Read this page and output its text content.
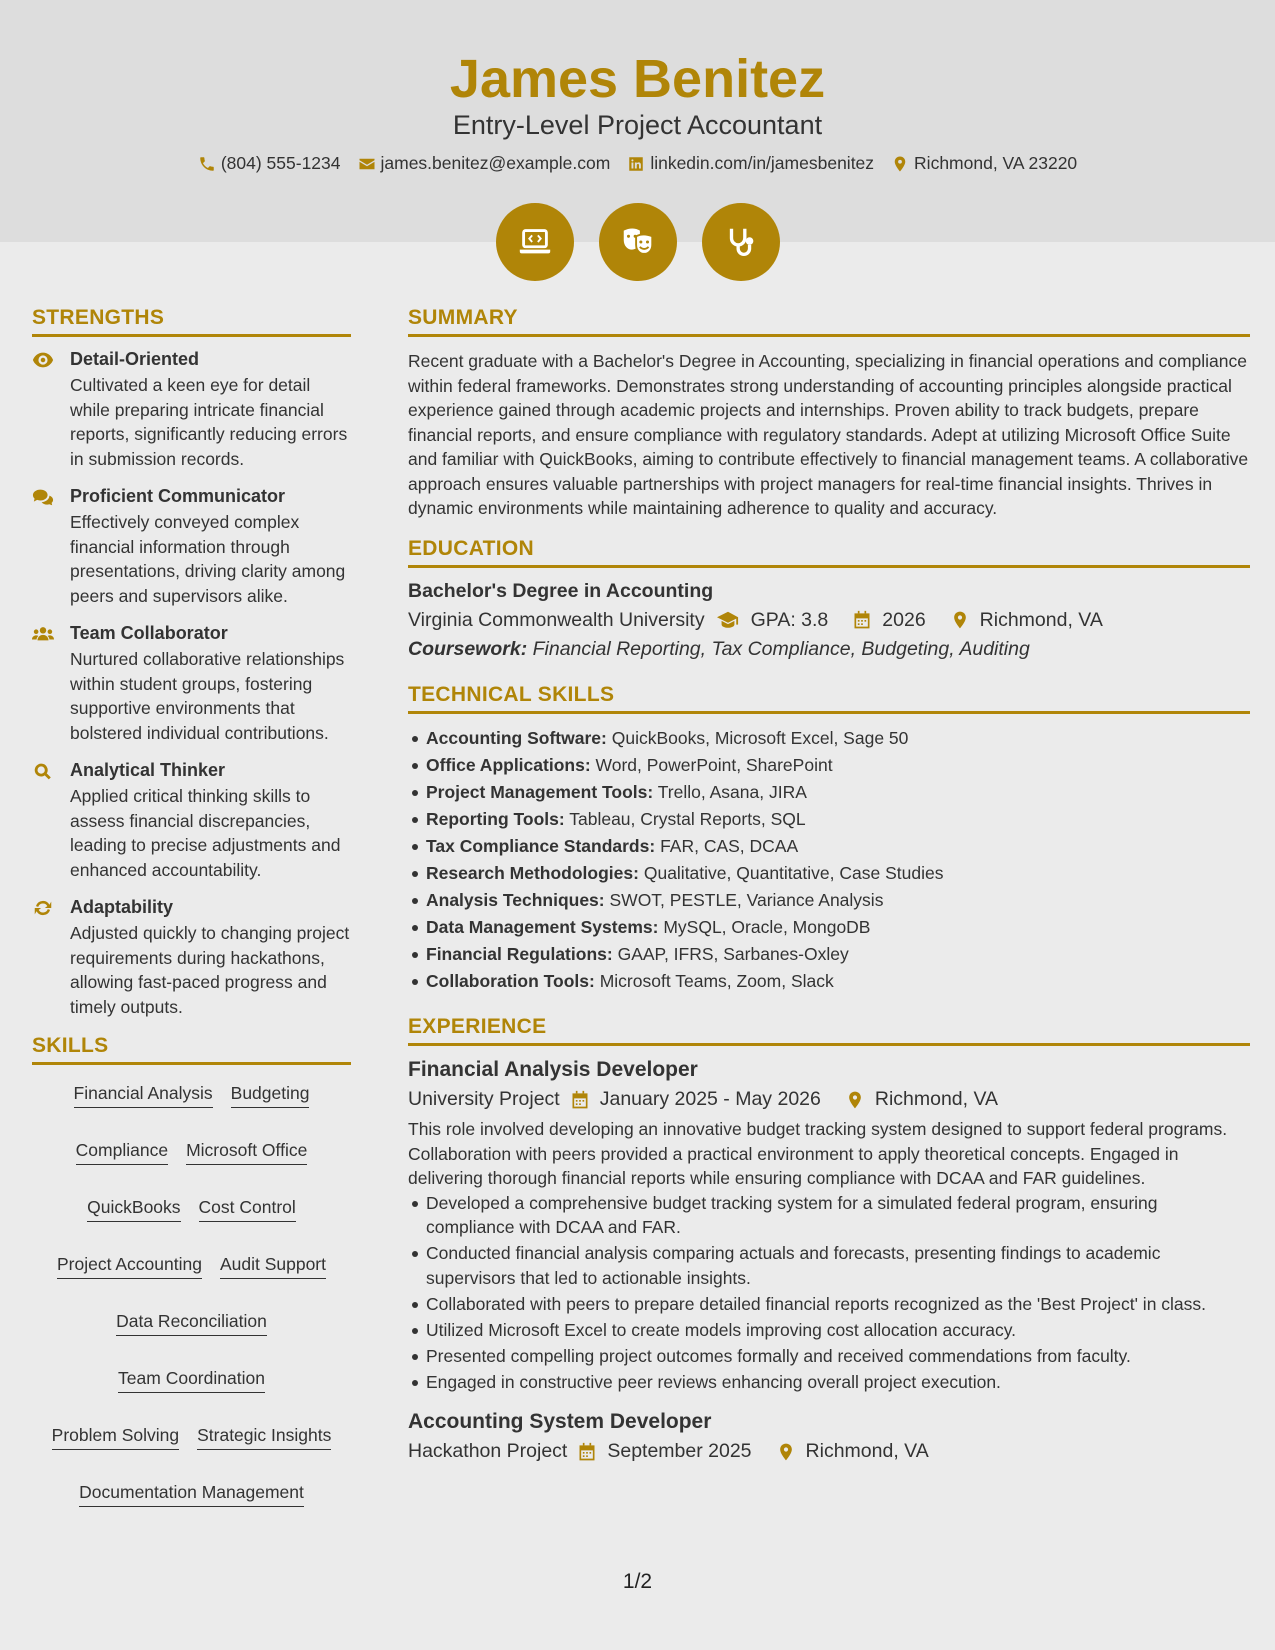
James Benitez
Entry-Level Project Accountant
(804) 555-1234 james.benitez@example.com linkedin.com/in/jamesbenitez Richmond, VA 23220
STRENGTHS
Detail-Oriented
Cultivated a keen eye for detail while preparing intricate financial reports, significantly reducing errors in submission records.
Proficient Communicator
Effectively conveyed complex financial information through presentations, driving clarity among peers and supervisors alike.
Team Collaborator
Nurtured collaborative relationships within student groups, fostering supportive environments that bolstered individual contributions.
Analytical Thinker
Applied critical thinking skills to assess financial discrepancies, leading to precise adjustments and enhanced accountability.
Adaptability
Adjusted quickly to changing project requirements during hackathons, allowing fast-paced progress and timely outputs.
SKILLS
Financial Analysis Budgeting
Compliance Microsoft Office
QuickBooks Cost Control
Project Accounting Audit Support
Data Reconciliation
Team Coordination
Problem Solving Strategic Insights
Documentation Management
SUMMARY
Recent graduate with a Bachelor's Degree in Accounting, specializing in financial operations and compliance within federal frameworks. Demonstrates strong understanding of accounting principles alongside practical experience gained through academic projects and internships. Proven ability to track budgets, prepare financial reports, and ensure compliance with regulatory standards. Adept at utilizing Microsoft Office Suite and familiar with QuickBooks, aiming to contribute effectively to financial management teams. A collaborative approach ensures valuable partnerships with project managers for real-time financial insights. Thrives in dynamic environments while maintaining adherence to quality and accuracy.
EDUCATION
Bachelor's Degree in Accounting
Virginia Commonwealth University GPA: 3.8	2026	Richmond, VA
Coursework: Financial Reporting, Tax Compliance, Budgeting, Auditing
TECHNICAL SKILLS
Accounting Software: QuickBooks, Microsoft Excel, Sage 50
Office Applications: Word, PowerPoint, SharePoint
Project Management Tools: Trello, Asana, JIRA
Reporting Tools: Tableau, Crystal Reports, SQL
Tax Compliance Standards: FAR, CAS, DCAA
Research Methodologies: Qualitative, Quantitative, Case Studies
Analysis Techniques: SWOT, PESTLE, Variance Analysis
Data Management Systems: MySQL, Oracle, MongoDB
Financial Regulations: GAAP, IFRS, Sarbanes-Oxley
Collaboration Tools: Microsoft Teams, Zoom, Slack
EXPERIENCE
Financial Analysis Developer
University Project January 2025 - May 2026	Richmond, VA
This role involved developing an innovative budget tracking system designed to support federal programs. Collaboration with peers provided a practical environment to apply theoretical concepts. Engaged in delivering thorough financial reports while ensuring compliance with DCAA and FAR guidelines.
Developed a comprehensive budget tracking system for a simulated federal program, ensuring compliance with DCAA and FAR.
Conducted financial analysis comparing actuals and forecasts, presenting findings to academic supervisors that led to actionable insights.
Collaborated with peers to prepare detailed financial reports recognized as the 'Best Project' in class.
Utilized Microsoft Excel to create models improving cost allocation accuracy.
Presented compelling project outcomes formally and received commendations from faculty.
Engaged in constructive peer reviews enhancing overall project execution.
Accounting System Developer
Hackathon Project September 2025	Richmond, VA
1/2
